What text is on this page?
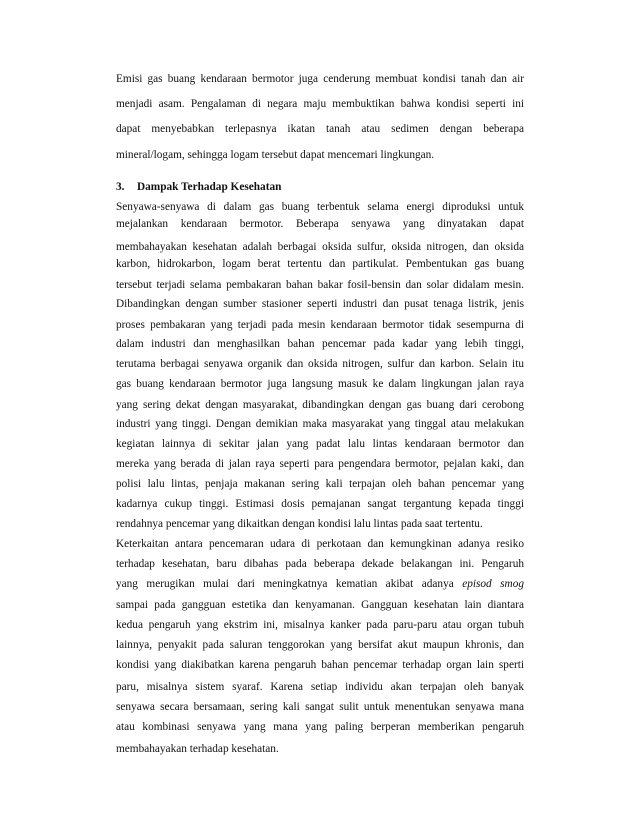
Emisi gas buang kendaraan bermotor juga cenderung membuat kondisi tanah dan air
menjadi asam. Pengalaman di negara maju membuktikan bahwa kondisi seperti ini
dapat menyebabkan terlepasnya ikatan tanah atau sedimen dengan beberapa
mineral/logam, sehingga logam tersebut dapat mencemari lingkungan.
3. Dampak Terhadap Kesehatan
Senyawa-senyawa di dalam gas buang terbentuk selama energi diproduksi untuk
mejalankan kendaraan bermotor. Beberapa senyawa yang dinyatakan dapat
membahayakan kesehatan adalah berbagai oksida sulfur, oksida nitrogen, dan oksida
karbon, hidrokarbon, logam berat tertentu dan partikulat. Pembentukan gas buang
tersebut terjadi selama pembakaran bahan bakar fosil-bensin dan solar didalam mesin.
Dibandingkan dengan sumber stasioner seperti industri dan pusat tenaga listrik, jenis
proses pembakaran yang terjadi pada mesin kendaraan bermotor tidak sesempurna di
dalam industri dan menghasilkan bahan pencemar pada kadar yang lebih tinggi,
terutama berbagai senyawa organik dan oksida nitrogen, sulfur dan karbon. Selain itu
gas buang kendaraan bermotor juga langsung masuk ke dalam lingkungan jalan raya
yang sering dekat dengan masyarakat, dibandingkan dengan gas buang dari cerobong
industri yang tinggi. Dengan demikian maka masyarakat yang tinggal atau melakukan
kegiatan lainnya di sekitar jalan yang padat lalu lintas kendaraan bermotor dan
mereka yang berada di jalan raya seperti para pengendara bermotor, pejalan kaki, dan
polisi lalu lintas, penjaja makanan sering kali terpajan oleh bahan pencemar yang
kadarnya cukup tinggi. Estimasi dosis pemajanan sangat tergantung kepada tinggi
rendahnya pencemar yang dikaitkan dengan kondisi lalu lintas pada saat tertentu.
Keterkaitan antara pencemaran udara di perkotaan dan kemungkinan adanya resiko
terhadap kesehatan, baru dibahas pada beberapa dekade belakangan ini. Pengaruh
yang merugikan mulai dari meningkatnya kematian akibat adanya episod smog
sampai pada gangguan estetika dan kenyamanan. Gangguan kesehatan lain diantara
kedua pengaruh yang ekstrim ini, misalnya kanker pada paru-paru atau organ tubuh
lainnya, penyakit pada saluran tenggorokan yang bersifat akut maupun khronis, dan
kondisi yang diakibatkan karena pengaruh bahan pencemar terhadap organ lain sperti
paru, misalnya sistem syaraf. Karena setiap individu akan terpajan oleh banyak
senyawa secara bersamaan, sering kali sangat sulit untuk menentukan senyawa mana
atau kombinasi senyawa yang mana yang paling berperan memberikan pengaruh
membahayakan terhadap kesehatan.
